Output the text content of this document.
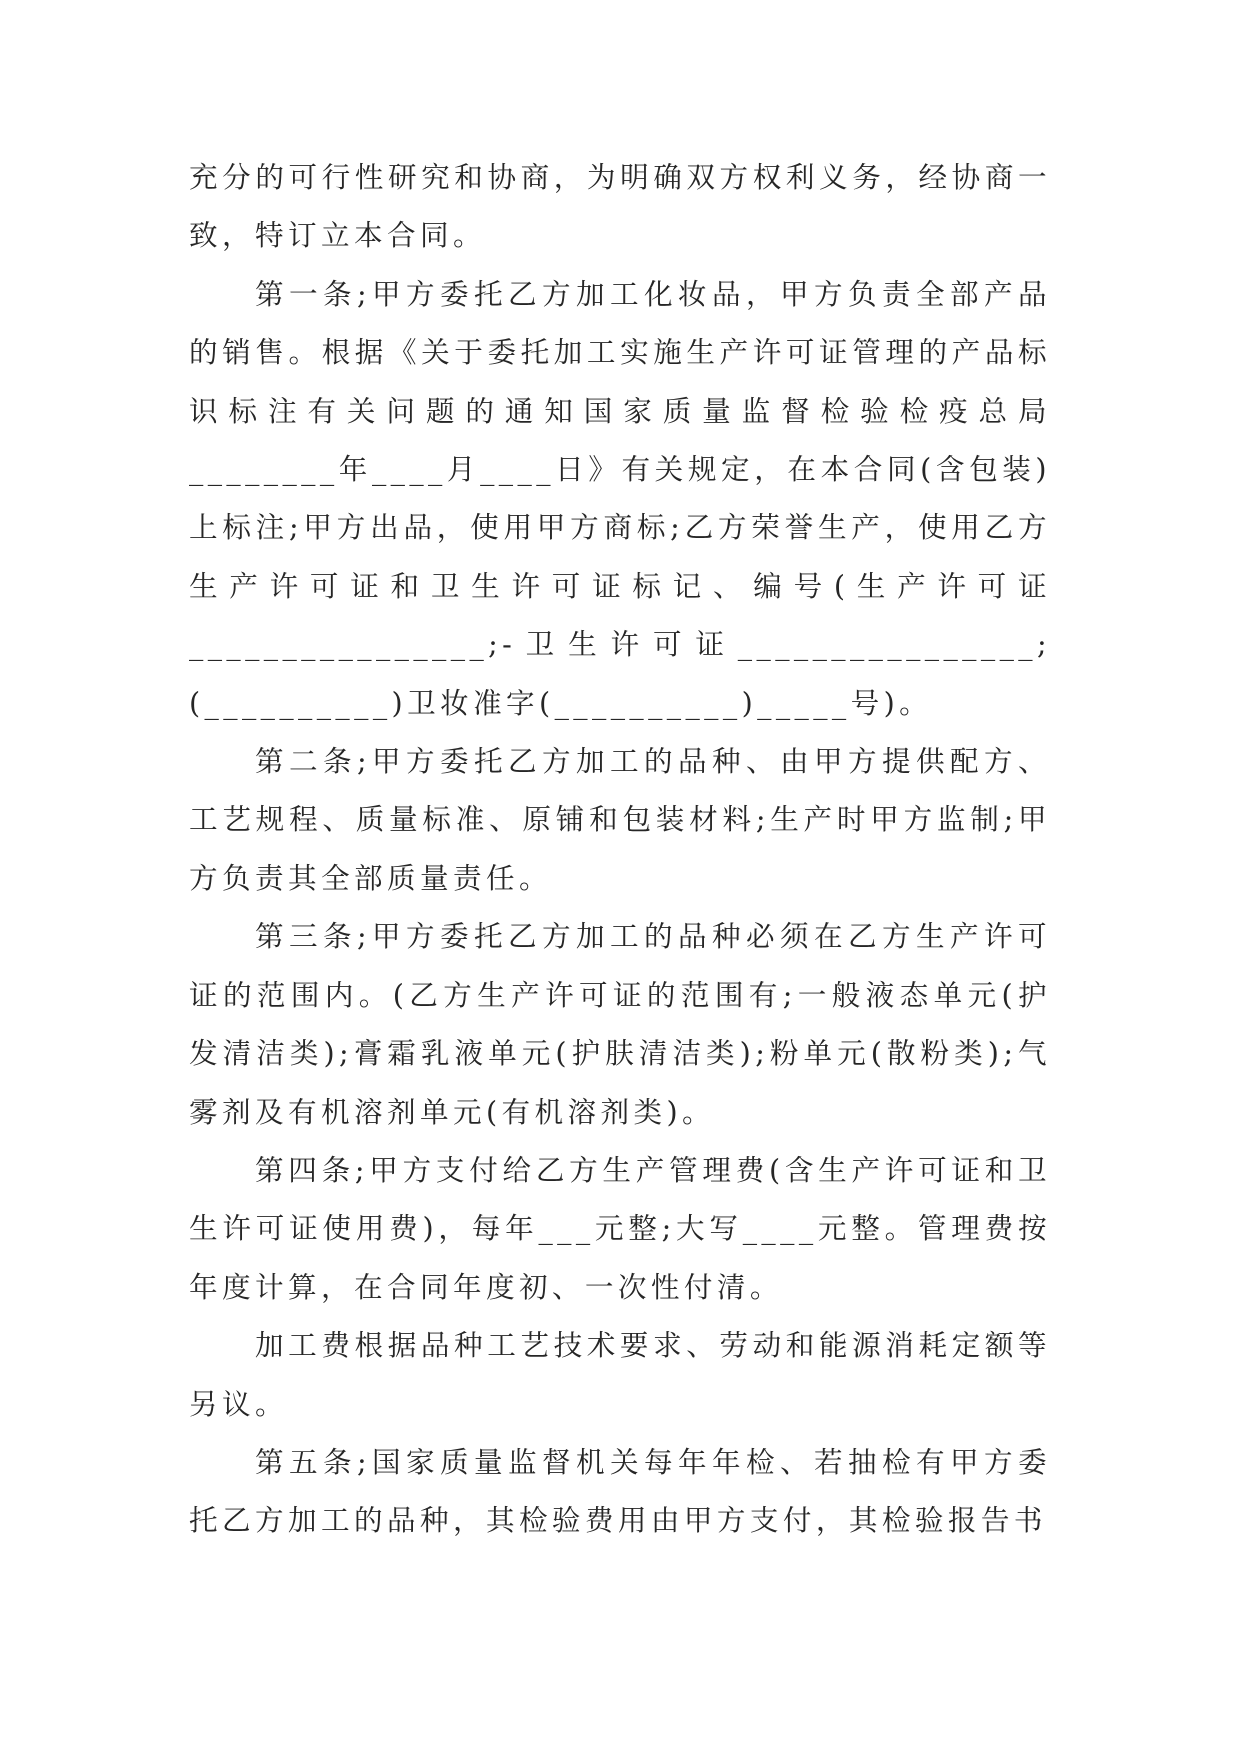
充分的可行性研究和协商，为明确双方权利义务，经协商一致，特订立本合同。

第一条;甲方委托乙方加工化妆品，甲方负责全部产品的销售。根据《关于委托加工实施生产许可证管理的产品标识标注有关问题的通知国家质量监督检验检疫总局________年____月____日》有关规定，在本合同(含包装)上标注;甲方出品，使用甲方商标;乙方荣誉生产，使用乙方生产许可证和卫生许可证标记、编号(生产许可证________________;-卫生许可证________________;(__________)卫妆准字(__________)_____号)。

第二条;甲方委托乙方加工的品种、由甲方提供配方、工艺规程、质量标准、原铺和包装材料;生产时甲方监制;甲方负责其全部质量责任。

第三条;甲方委托乙方加工的品种必须在乙方生产许可证的范围内。(乙方生产许可证的范围有;一般液态单元(护发清洁类);膏霜乳液单元(护肤清洁类);粉单元(散粉类);气雾剂及有机溶剂单元(有机溶剂类)。

第四条;甲方支付给乙方生产管理费(含生产许可证和卫生许可证使用费)，每年___元整;大写____元整。管理费按年度计算，在合同年度初、一次性付清。

加工费根据品种工艺技术要求、劳动和能源消耗定额等另议。

第五条;国家质量监督机关每年年检、若抽检有甲方委托乙方加工的品种，其检验费用由甲方支付，其检验报告书
